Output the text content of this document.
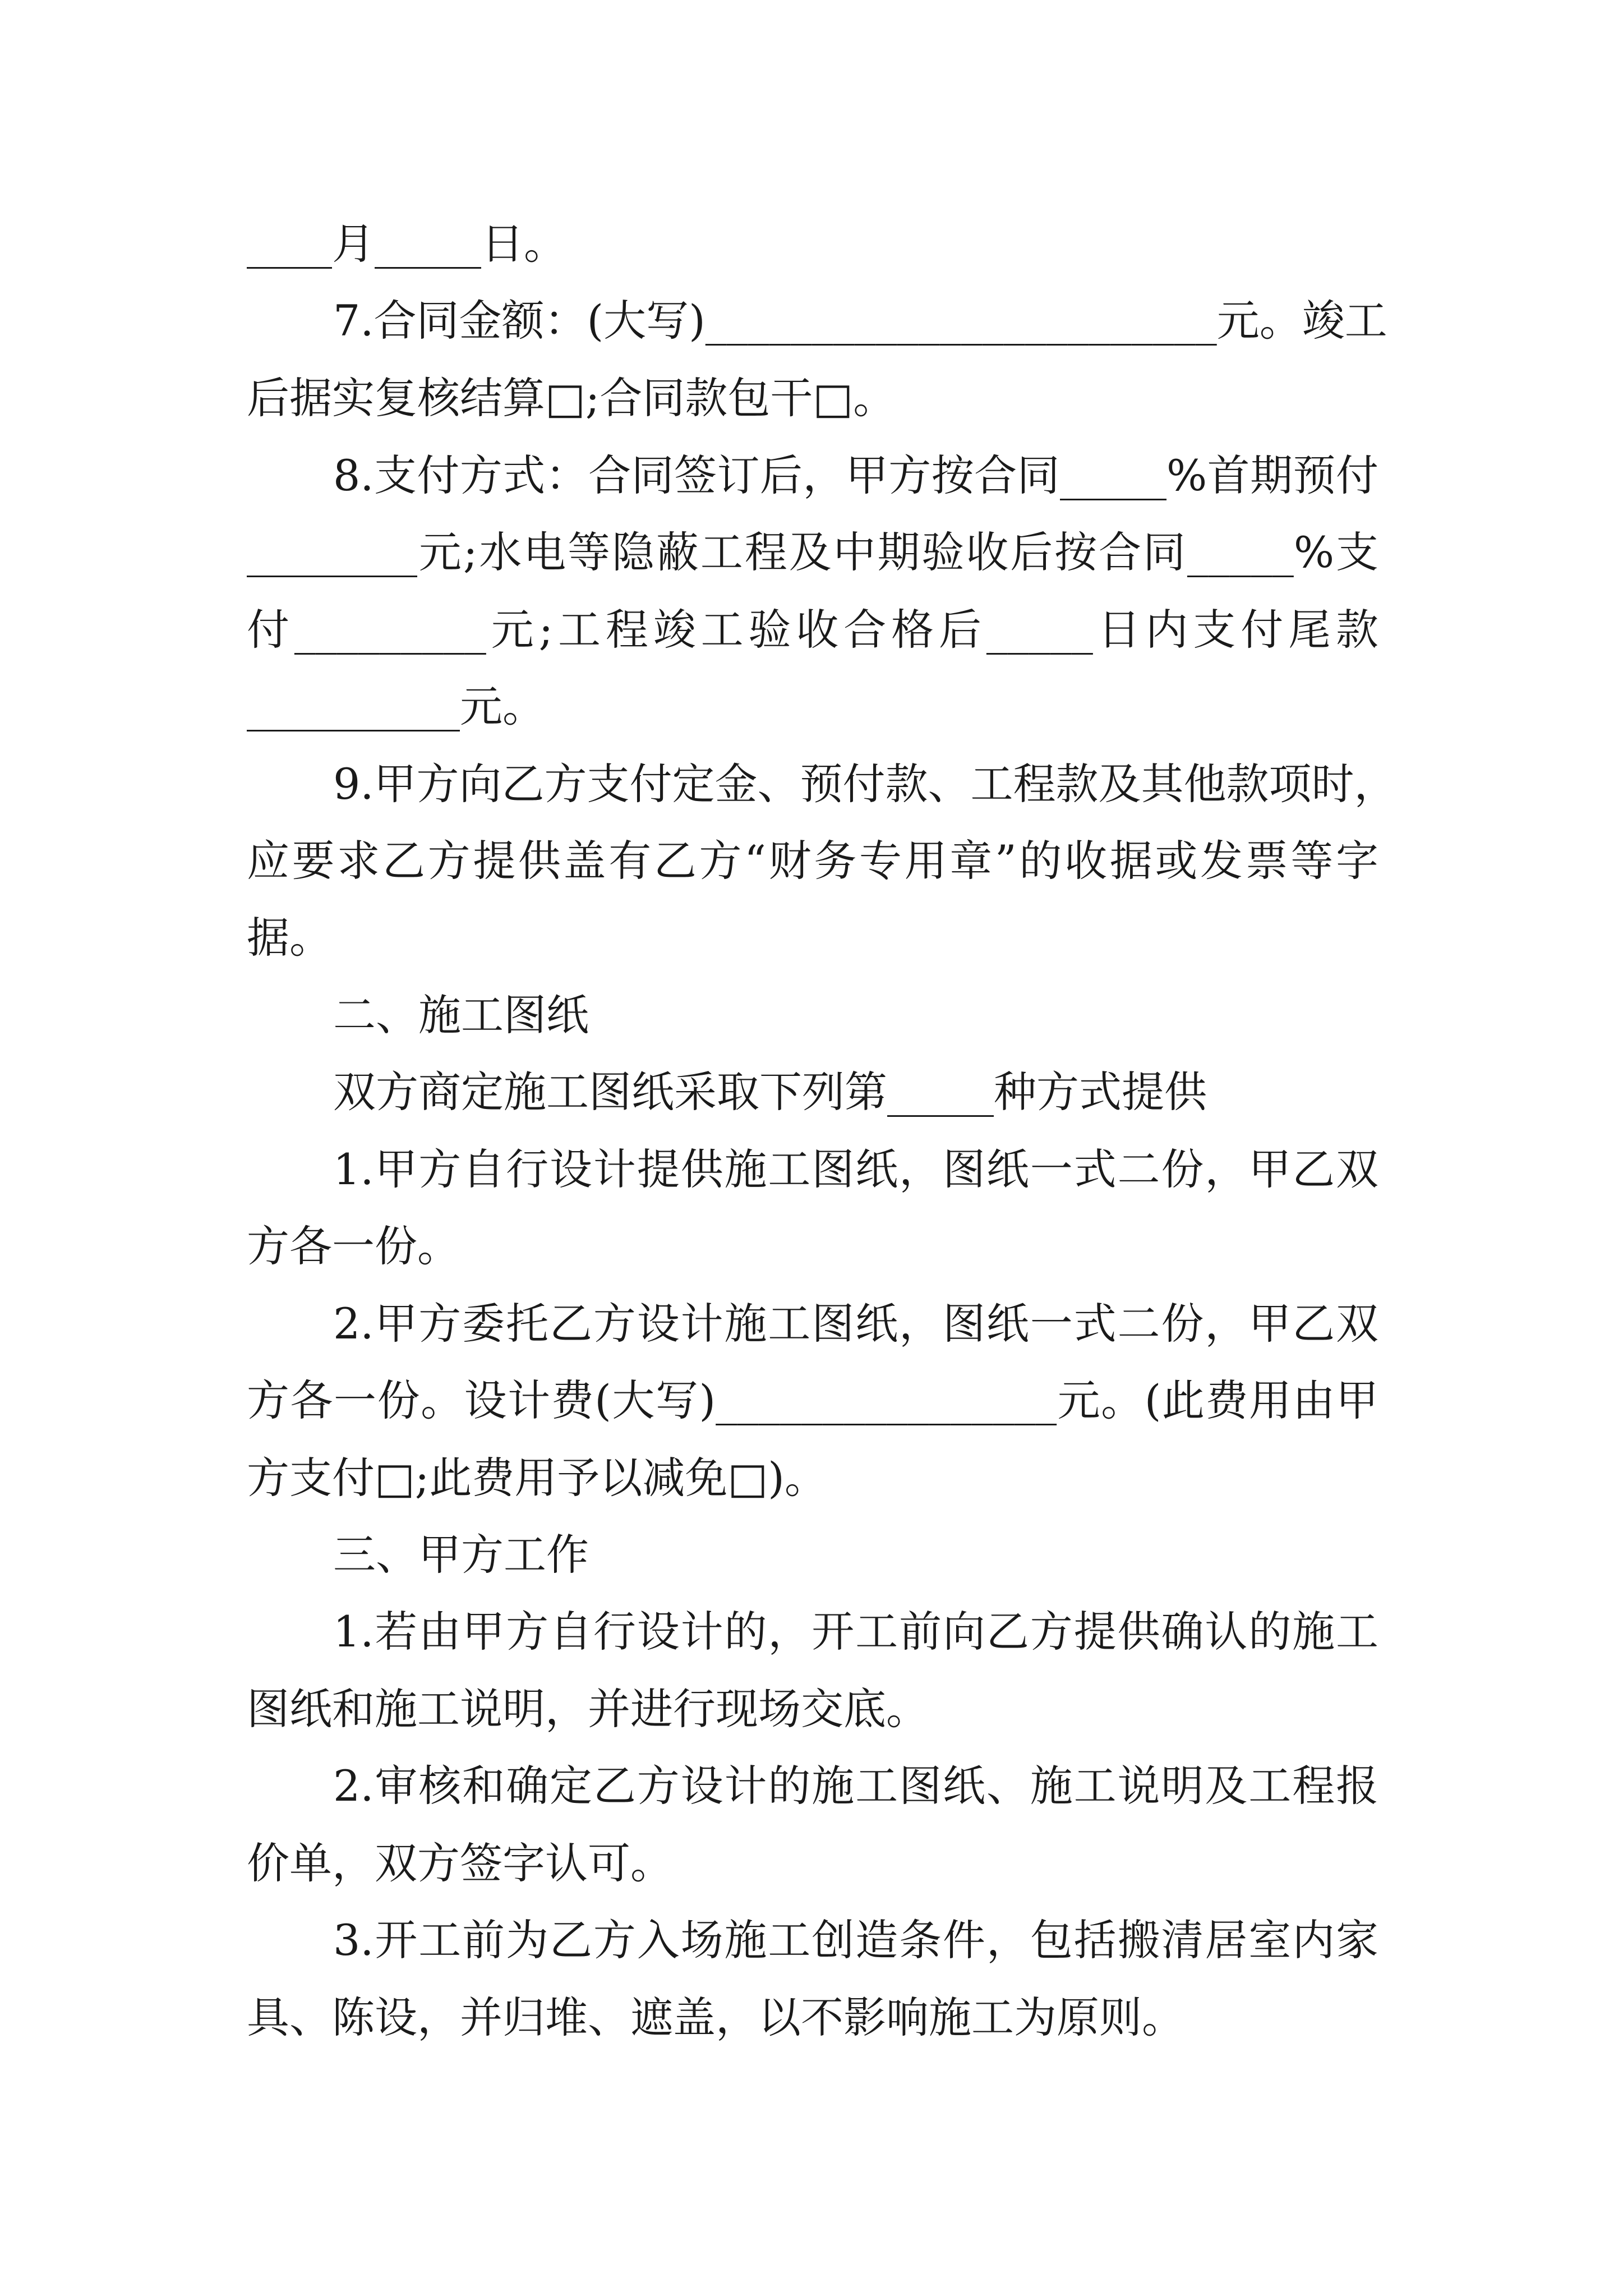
____月_____日。
7.合同金额：(大写)________________________元。竣工
后据实复核结算□;合同款包干□。
8.支付方式：合同签订后，甲方按合同_____%首期预付
________元;水电等隐蔽工程及中期验收后按合同_____%支
付_________元;工程竣工验收合格后_____日内支付尾款
__________元。
9.甲方向乙方支付定金、预付款、工程款及其他款项时，
应要求乙方提供盖有乙方“财务专用章”的收据或发票等字
据。
二、施工图纸
双方商定施工图纸采取下列第_____种方式提供
1.甲方自行设计提供施工图纸，图纸一式二份，甲乙双
方各一份。
2.甲方委托乙方设计施工图纸，图纸一式二份，甲乙双
方各一份。设计费(大写)________________元。(此费用由甲
方支付□;此费用予以减免□)。
三、甲方工作
1.若由甲方自行设计的，开工前向乙方提供确认的施工
图纸和施工说明，并进行现场交底。
2.审核和确定乙方设计的施工图纸、施工说明及工程报
价单，双方签字认可。
3.开工前为乙方入场施工创造条件，包括搬清居室内家
具、陈设，并归堆、遮盖，以不影响施工为原则。
